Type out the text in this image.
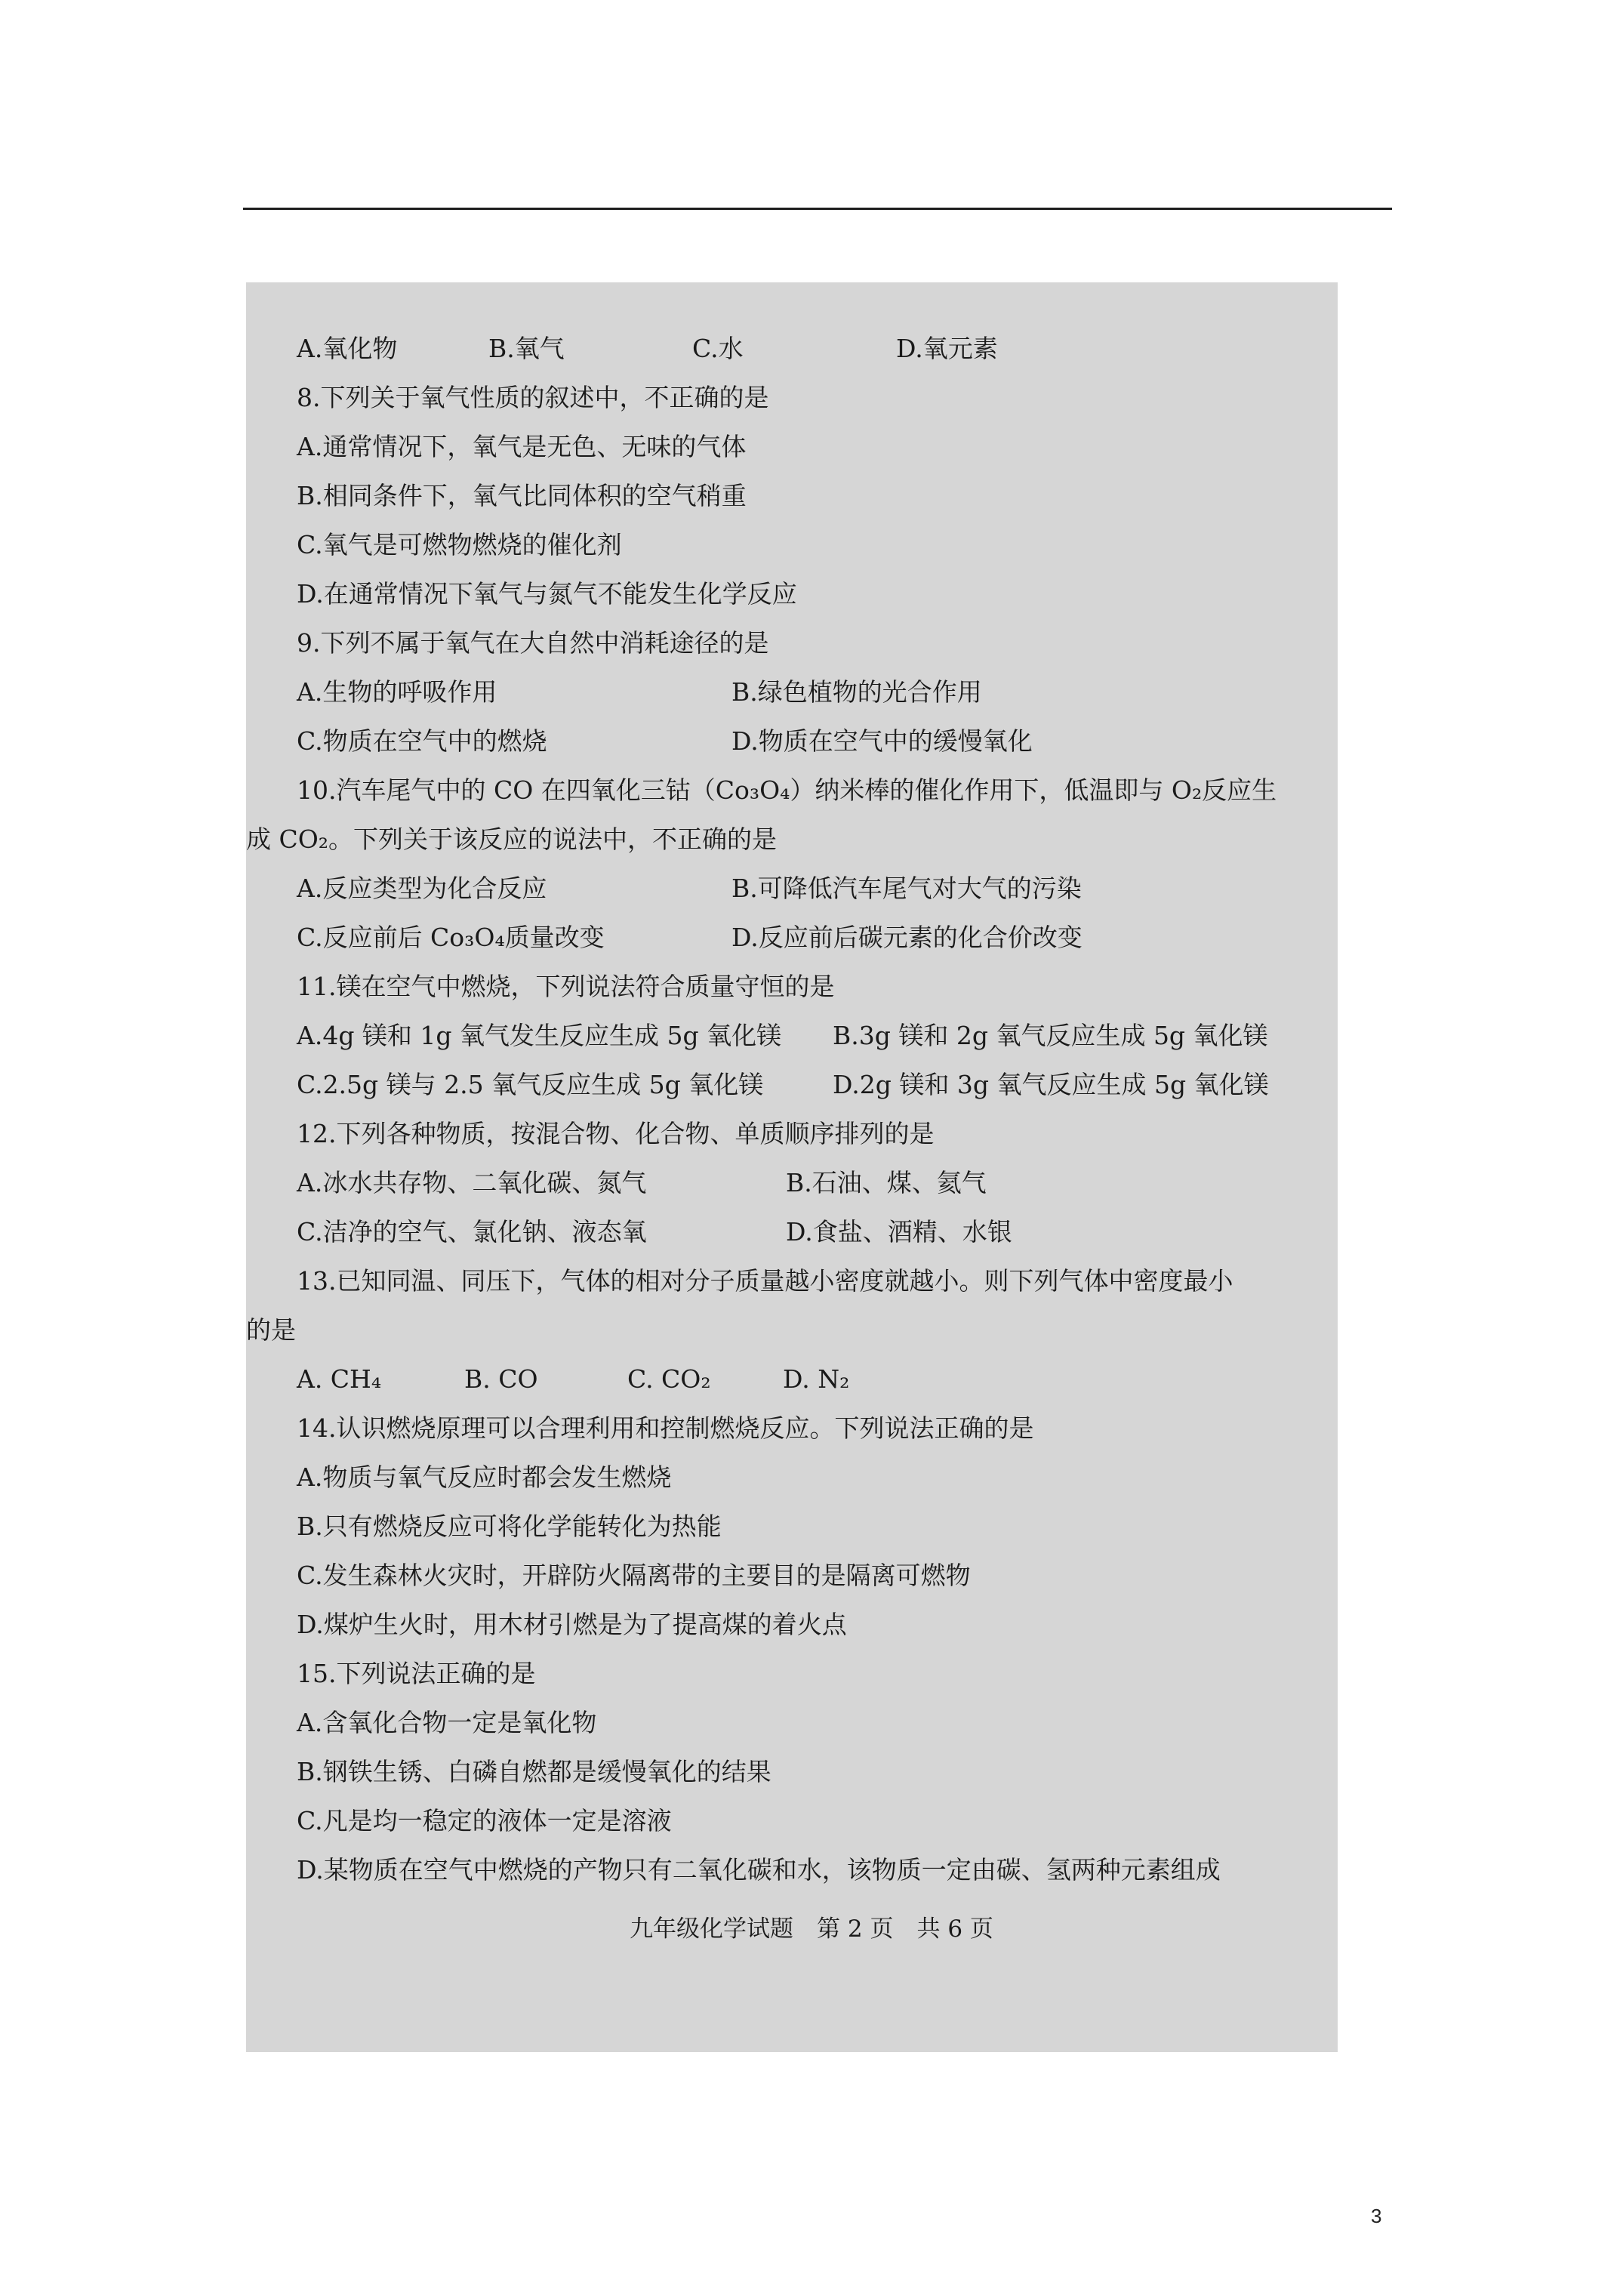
A.氧化物	B.氧气	C.水	D.氧元素
8.下列关于氧气性质的叙述中，不正确的是
A.通常情况下，氧气是无色、无味的气体
B.相同条件下，氧气比同体积的空气稍重
C.氧气是可燃物燃烧的催化剂
D.在通常情况下氧气与氮气不能发生化学反应
9.下列不属于氧气在大自然中消耗途径的是
A.生物的呼吸作用	B.绿色植物的光合作用
C.物质在空气中的燃烧	D.物质在空气中的缓慢氧化
10.汽车尾气中的 CO 在四氧化三钴（Co₃O₄）纳米棒的催化作用下，低温即与 O₂反应生
成 CO₂。下列关于该反应的说法中，不正确的是
A.反应类型为化合反应	B.可降低汽车尾气对大气的污染
C.反应前后 Co₃O₄质量改变	D.反应前后碳元素的化合价改变
11.镁在空气中燃烧，下列说法符合质量守恒的是
A.4g 镁和 1g 氧气发生反应生成 5g 氧化镁 B.3g 镁和 2g 氧气反应生成 5g 氧化镁
C.2.5g 镁与 2.5 氧气反应生成 5g 氧化镁	D.2g 镁和 3g 氧气反应生成 5g 氧化镁
12.下列各种物质，按混合物、化合物、单质顺序排列的是
A.冰水共存物、二氧化碳、氮气	B.石油、煤、氦气
C.洁净的空气、氯化钠、液态氧	D.食盐、酒精、水银
13.已知同温、同压下，气体的相对分子质量越小密度就越小。则下列气体中密度最小
的是
A. CH₄	B. CO	C. CO₂	D. N₂
14.认识燃烧原理可以合理利用和控制燃烧反应。下列说法正确的是
A.物质与氧气反应时都会发生燃烧
B.只有燃烧反应可将化学能转化为热能
C.发生森林火灾时，开辟防火隔离带的主要目的是隔离可燃物
D.煤炉生火时，用木材引燃是为了提高煤的着火点
15.下列说法正确的是
A.含氧化合物一定是氧化物
B.钢铁生锈、白磷自燃都是缓慢氧化的结果
C.凡是均一稳定的液体一定是溶液
D.某物质在空气中燃烧的产物只有二氧化碳和水，该物质一定由碳、氢两种元素组成
九年级化学试题　第 2 页　共 6 页
3
